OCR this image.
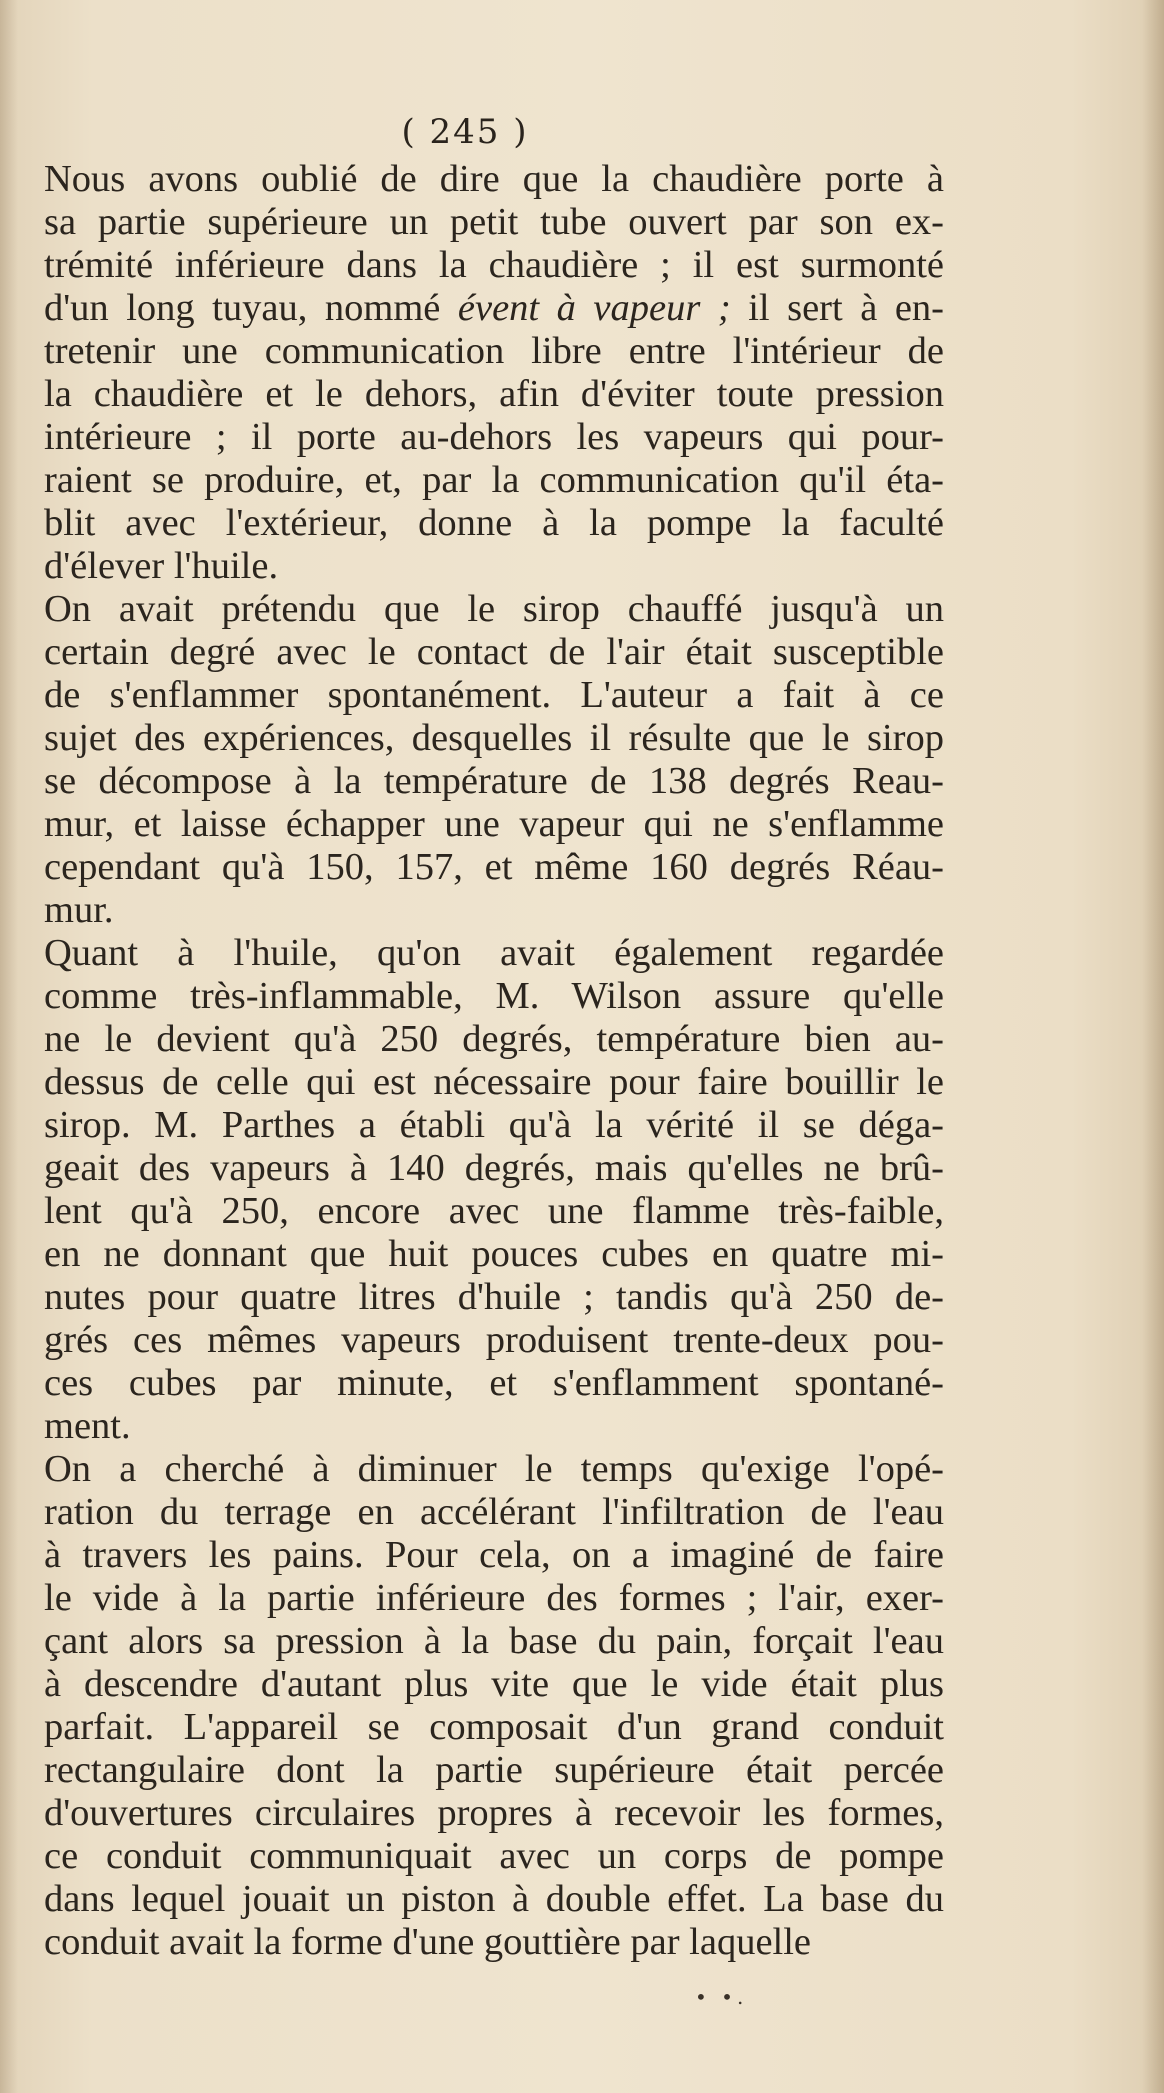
( 245 )
Nous avons oublié de dire que la chaudière porte à
sa partie supérieure un petit tube ouvert par son ex-
trémité inférieure dans la chaudière ; il est surmonté
d'un long tuyau, nommé évent à vapeur ; il sert à en-
tretenir une communication libre entre l'intérieur de
la chaudière et le dehors, afin d'éviter toute pression
intérieure ; il porte au-dehors les vapeurs qui pour-
raient se produire, et, par la communication qu'il éta-
blit avec l'extérieur, donne à la pompe la faculté
d'élever l'huile.
On avait prétendu que le sirop chauffé jusqu'à un
certain degré avec le contact de l'air était susceptible
de s'enflammer spontanément. L'auteur a fait à ce
sujet des expériences, desquelles il résulte que le sirop
se décompose à la température de 138 degrés Reau-
mur, et laisse échapper une vapeur qui ne s'enflamme
cependant qu'à 150, 157, et même 160 degrés Réau-
mur.
Quant à l'huile, qu'on avait également regardée
comme très-inflammable, M. Wilson assure qu'elle
ne le devient qu'à 250 degrés, température bien au-
dessus de celle qui est nécessaire pour faire bouillir le
sirop. M. Parthes a établi qu'à la vérité il se déga-
geait des vapeurs à 140 degrés, mais qu'elles ne brû-
lent qu'à 250, encore avec une flamme très-faible,
en ne donnant que huit pouces cubes en quatre mi-
nutes pour quatre litres d'huile ; tandis qu'à 250 de-
grés ces mêmes vapeurs produisent trente-deux pou-
ces cubes par minute, et s'enflamment spontané-
ment.
On a cherché à diminuer le temps qu'exige l'opé-
ration du terrage en accélérant l'infiltration de l'eau
à travers les pains. Pour cela, on a imaginé de faire
le vide à la partie inférieure des formes ; l'air, exer-
çant alors sa pression à la base du pain, forçait l'eau
à descendre d'autant plus vite que le vide était plus
parfait. L'appareil se composait d'un grand conduit
rectangulaire dont la partie supérieure était percée
d'ouvertures circulaires propres à recevoir les formes,
ce conduit communiquait avec un corps de pompe
dans lequel jouait un piston à double effet. La base du
conduit avait la forme d'une gouttière par laquelle
• •.
